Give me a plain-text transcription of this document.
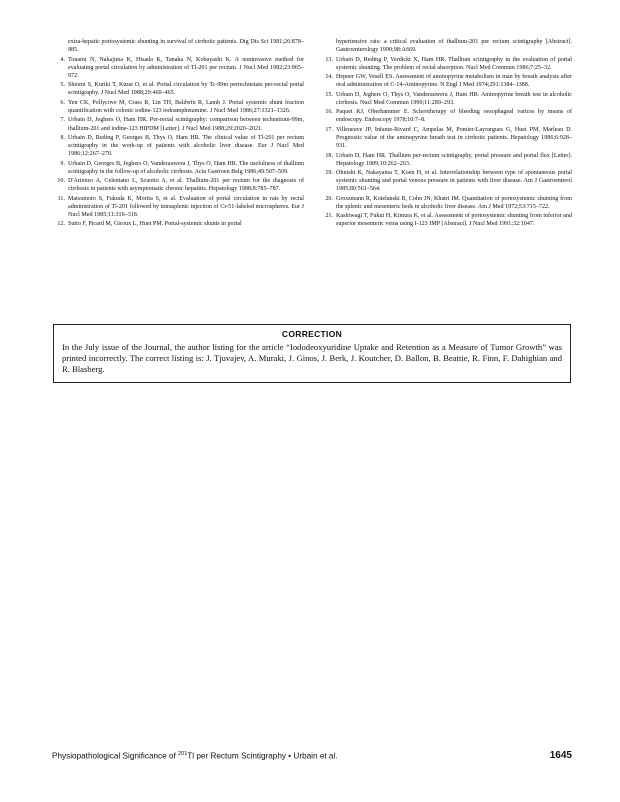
extra-hepatic portosystemic shunting in survival of cirrhotic patients. Dig Dis Sci 1981;26:878–885.
4. Tonami N, Nakajima K, Hisada K, Tanaka N, Kobayashi K. A noninvasive method for evaluating portal circulation by administration of Tl-201 per rectum. J Nucl Med 1982;23:965–972.
5. Shiomi S, Kuriki T, Kurai O, et al. Portal circulation by Tc-99m pertechnetate per-rectal portal scintigraphy. J Nucl Med 1988;29:460–465.
6. Yen CK, Pollycove M, Crass R, Lin TH, Baldwin R, Lamb J. Portal systemic shunt fraction quantification with colonic iodine-123 iodoamphetamine. J Nucl Med 1986;27:1321–1326.
7. Urbain D, Jeghers O, Ham HR. Per-rectal scintigraphy: comparison between technetium-99m, thallium-201 and iodine-123 HIPDM [Letter]. J Nucl Med 1988;29:2020–2021.
8. Urbain D, Reding P, Georges B, Thys O, Ham HR. The clinical value of Tl-201 per rectum scintigraphy in the work-up of patients with alcoholic liver disease. Eur J Nucl Med 1986;12:267–270.
9. Urbain D, Georges B, Jeghers O, Vanderauwera J, Thys O, Ham HR. The usefulness of thallium scintigraphy in the follow-up of alcoholic cirrhosis. Acta Gastroen Belg 1986;49:507–509.
10. D'Arienzo A, Celentano L, Scuotto A, et al. Thallium-201 per rectum for the diagnosis of cirrhosis in patients with asymptomatic chronic hepatitis. Hepatology 1988;8:785–787.
11. Matsumoto S, Fukuda K, Morita S, et al. Evaluation of portal circulation in rats by rectal administration of Tl-201 followed by intrasplenic injection of Cr-51-labeled microspheres. Eur J Nucl Med 1985;11:316–318.
12. Sutto F, Picard M, Giroux L, Huet PM. Portal-systemic shunts in portal
hypertensive rats: a critical evaluation of thallium-201 per rectum scintigraphy [Abstract]. Gastroenterology 1990;98:A669.
13. Urbain D, Reding P, Verdickt X, Ham HR. Thallium scintigraphy in the evaluation of portal systemic shunting. The problem of rectal absorption. Nucl Med Commun 1986;7:25–32.
14. Hepner GW, Vesell ES. Assessment of aminopyrine metabolism in man by breath analysis after oral administration of C-14-Aminopyrine. N Engl J Med 1974;291:1384–1388.
15. Urbain D, Jeghers O, Thys O, Vanderauwera J, Ham HR. Aminopyrine breath test in alcoholic cirrhosis. Nucl Med Commun 1990;11:289–293.
16. Paquet KJ, Oberhammer E. Sclerotherapy of bleeding oesophageal varices by means of endoscopy. Endoscopy 1978;10:7–8.
17. Villeneuve JP, Infante-Rivard C, Ampelas M, Pomier-Layrargues G, Huet PM, Marleau D. Prognostic value of the aminopyrine breath test in cirrhotic patients. Hepatology 1986;6:928–931.
18. Urbain D, Ham HR. Thallium per-rectum scintigraphy, portal pressure and portal flux [Letter]. Hepatology 1989;10:262–263.
19. Ohnishi K, Nakayama T, Koen H, et al. Interrelationship between type of spontaneous portal systemic shunting and portal venous pressure in patients with liver disease. Am J Gastroenterol 1985;80:561–564.
20. Groszmann R, Kotelanski B, Cohn JN, Khatri IM. Quantitation of portosystemic shunting from the splenic and mesenteric beds in alcoholic liver disease. Am J Med 1972;53:715–722.
21. Kashiwagi T, Fukui H, Kimura K, et al. Assessment of portosystemic shunting from inferior and superior mesenteric veins using I-123 IMP [Abstract]. J Nucl Med 1991;32:1047.
CORRECTION

In the July issue of the Journal, the author listing for the article “Iododeoxyuridine Uptake and Retention as a Measure of Tumor Growth” was printed incorrectly. The correct listing is: J. Tjuvajev, A. Muraki, J. Ginos, J. Berk, J. Koutcher, D. Ballon, B. Beattie, R. Finn, F. Dahighian and R. Blasberg.

Physiopathological Significance of $^{201}$Tl per Rectum Scintigraphy • Urbain et al.	1645
